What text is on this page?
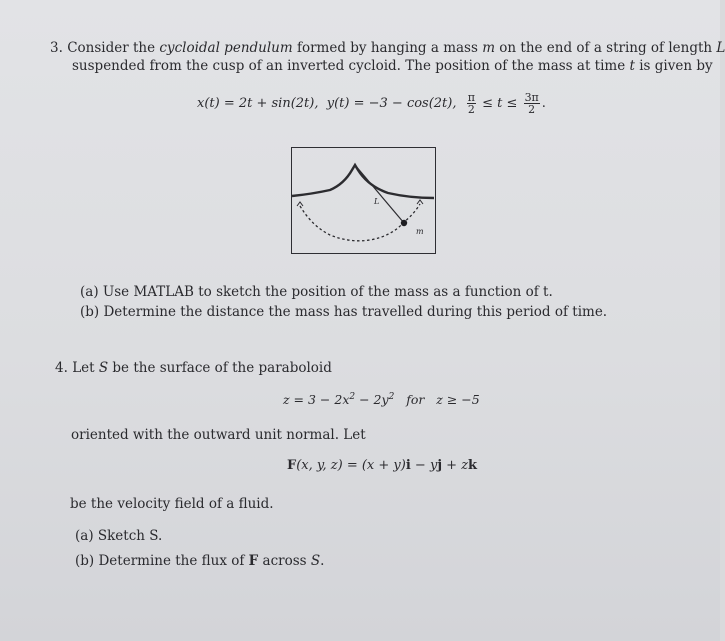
3. Consider the cycloidal pendulum formed by hanging a mass m on the end of a string of length L
suspended from the cusp of an inverted cycloid. The position of the mass at time t is given by
x(t) = 2t + sin(2t), y(t) = −3 − cos(2t), $\frac{\pi}{2} \le t \le \frac{3\pi}{2}$ .
L
m
(a) Use MATLAB to sketch the position of the mass as a function of t.
(b) Determine the distance the mass has travelled during this period of time.
4. Let S be the surface of the paraboloid
$z = 3 - 2x^2 - 2y^2$   for   z ≥ −5
oriented with the outward unit normal. Let
F(x, y, z) = (x + y)i − yj + zk
be the velocity field of a fluid.
(a) Sketch S.
(b) Determine the flux of F across S.
